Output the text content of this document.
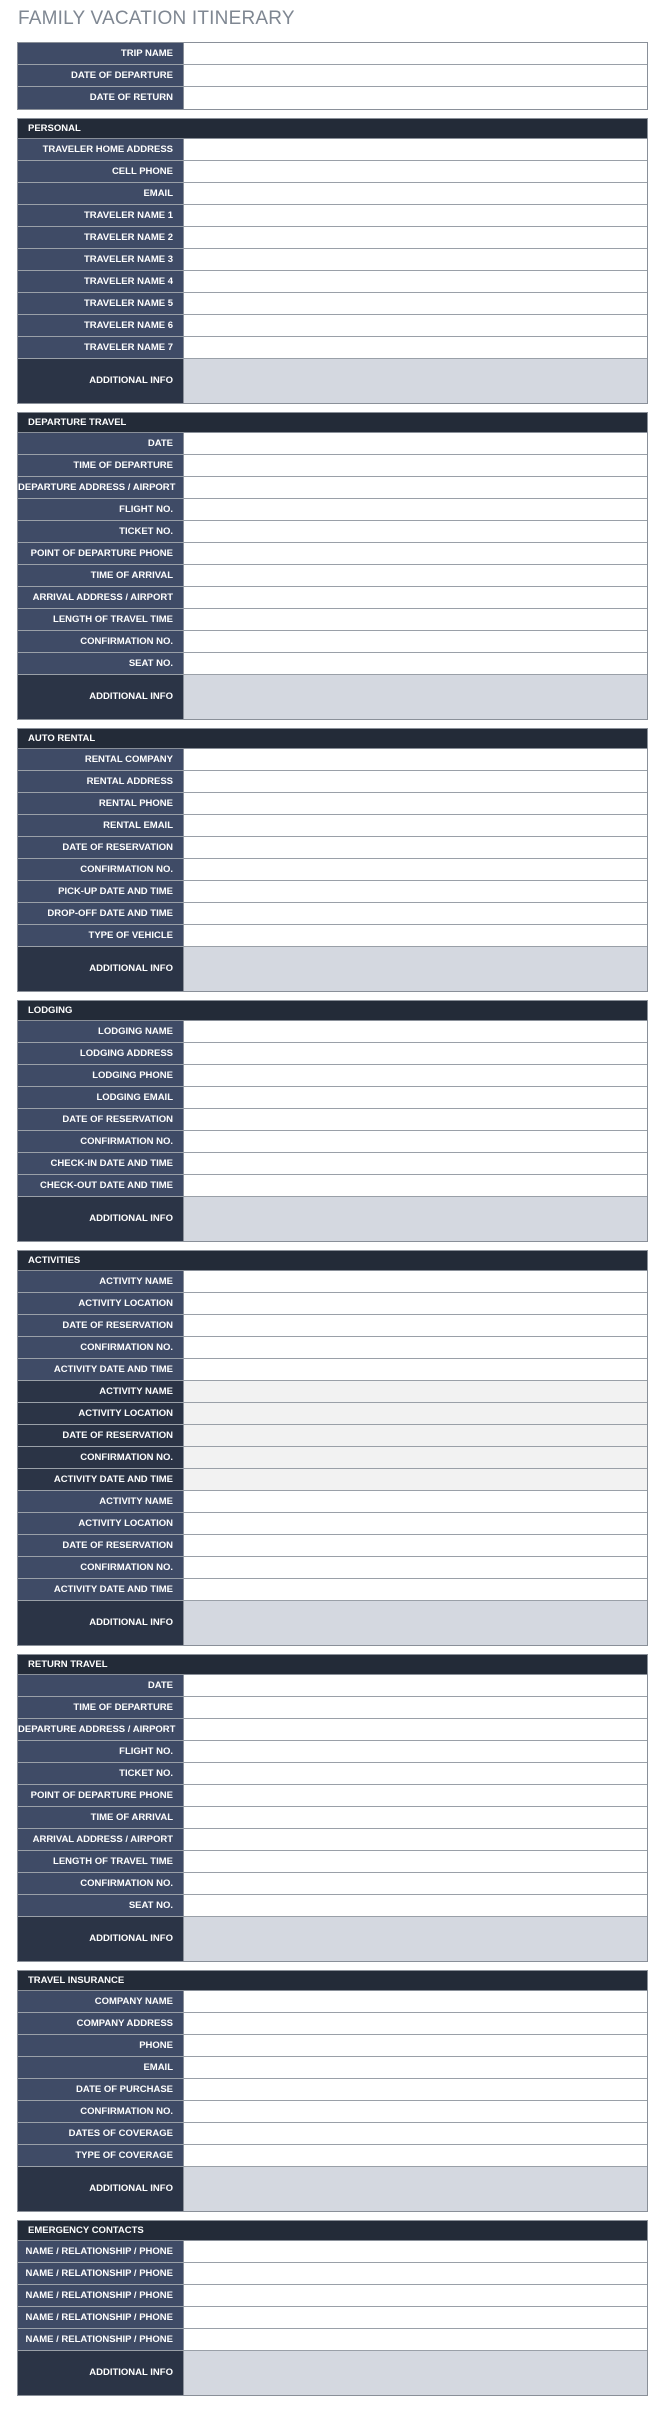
FAMILY VACATION ITINERARY
TRIP NAME
DATE OF DEPARTURE
DATE OF RETURN
PERSONAL
TRAVELER HOME ADDRESS
CELL PHONE
EMAIL
TRAVELER NAME 1
TRAVELER NAME 2
TRAVELER NAME 3
TRAVELER NAME 4
TRAVELER NAME 5
TRAVELER NAME 6
TRAVELER NAME 7
ADDITIONAL INFO
DEPARTURE TRAVEL
DATE
TIME OF DEPARTURE
DEPARTURE ADDRESS / AIRPORT
FLIGHT NO.
TICKET NO.
POINT OF DEPARTURE PHONE
TIME OF ARRIVAL
ARRIVAL ADDRESS / AIRPORT
LENGTH OF TRAVEL TIME
CONFIRMATION NO.
SEAT NO.
ADDITIONAL INFO
AUTO RENTAL
RENTAL COMPANY
RENTAL ADDRESS
RENTAL PHONE
RENTAL EMAIL
DATE OF RESERVATION
CONFIRMATION NO.
PICK-UP DATE AND TIME
DROP-OFF DATE AND TIME
TYPE OF VEHICLE
ADDITIONAL INFO
LODGING
LODGING NAME
LODGING ADDRESS
LODGING PHONE
LODGING EMAIL
DATE OF RESERVATION
CONFIRMATION NO.
CHECK-IN DATE AND TIME
CHECK-OUT DATE AND TIME
ADDITIONAL INFO
ACTIVITIES
ACTIVITY NAME
ACTIVITY LOCATION
DATE OF RESERVATION
CONFIRMATION NO.
ACTIVITY DATE AND TIME
ACTIVITY NAME
ACTIVITY LOCATION
DATE OF RESERVATION
CONFIRMATION NO.
ACTIVITY DATE AND TIME
ACTIVITY NAME
ACTIVITY LOCATION
DATE OF RESERVATION
CONFIRMATION NO.
ACTIVITY DATE AND TIME
ADDITIONAL INFO
RETURN TRAVEL
DATE
TIME OF DEPARTURE
DEPARTURE ADDRESS / AIRPORT
FLIGHT NO.
TICKET NO.
POINT OF DEPARTURE PHONE
TIME OF ARRIVAL
ARRIVAL ADDRESS / AIRPORT
LENGTH OF TRAVEL TIME
CONFIRMATION NO.
SEAT NO.
ADDITIONAL INFO
TRAVEL INSURANCE
COMPANY NAME
COMPANY ADDRESS
PHONE
EMAIL
DATE OF PURCHASE
CONFIRMATION NO.
DATES OF COVERAGE
TYPE OF COVERAGE
ADDITIONAL INFO
EMERGENCY CONTACTS
NAME / RELATIONSHIP / PHONE
NAME / RELATIONSHIP / PHONE
NAME / RELATIONSHIP / PHONE
NAME / RELATIONSHIP / PHONE
NAME / RELATIONSHIP / PHONE
ADDITIONAL INFO
